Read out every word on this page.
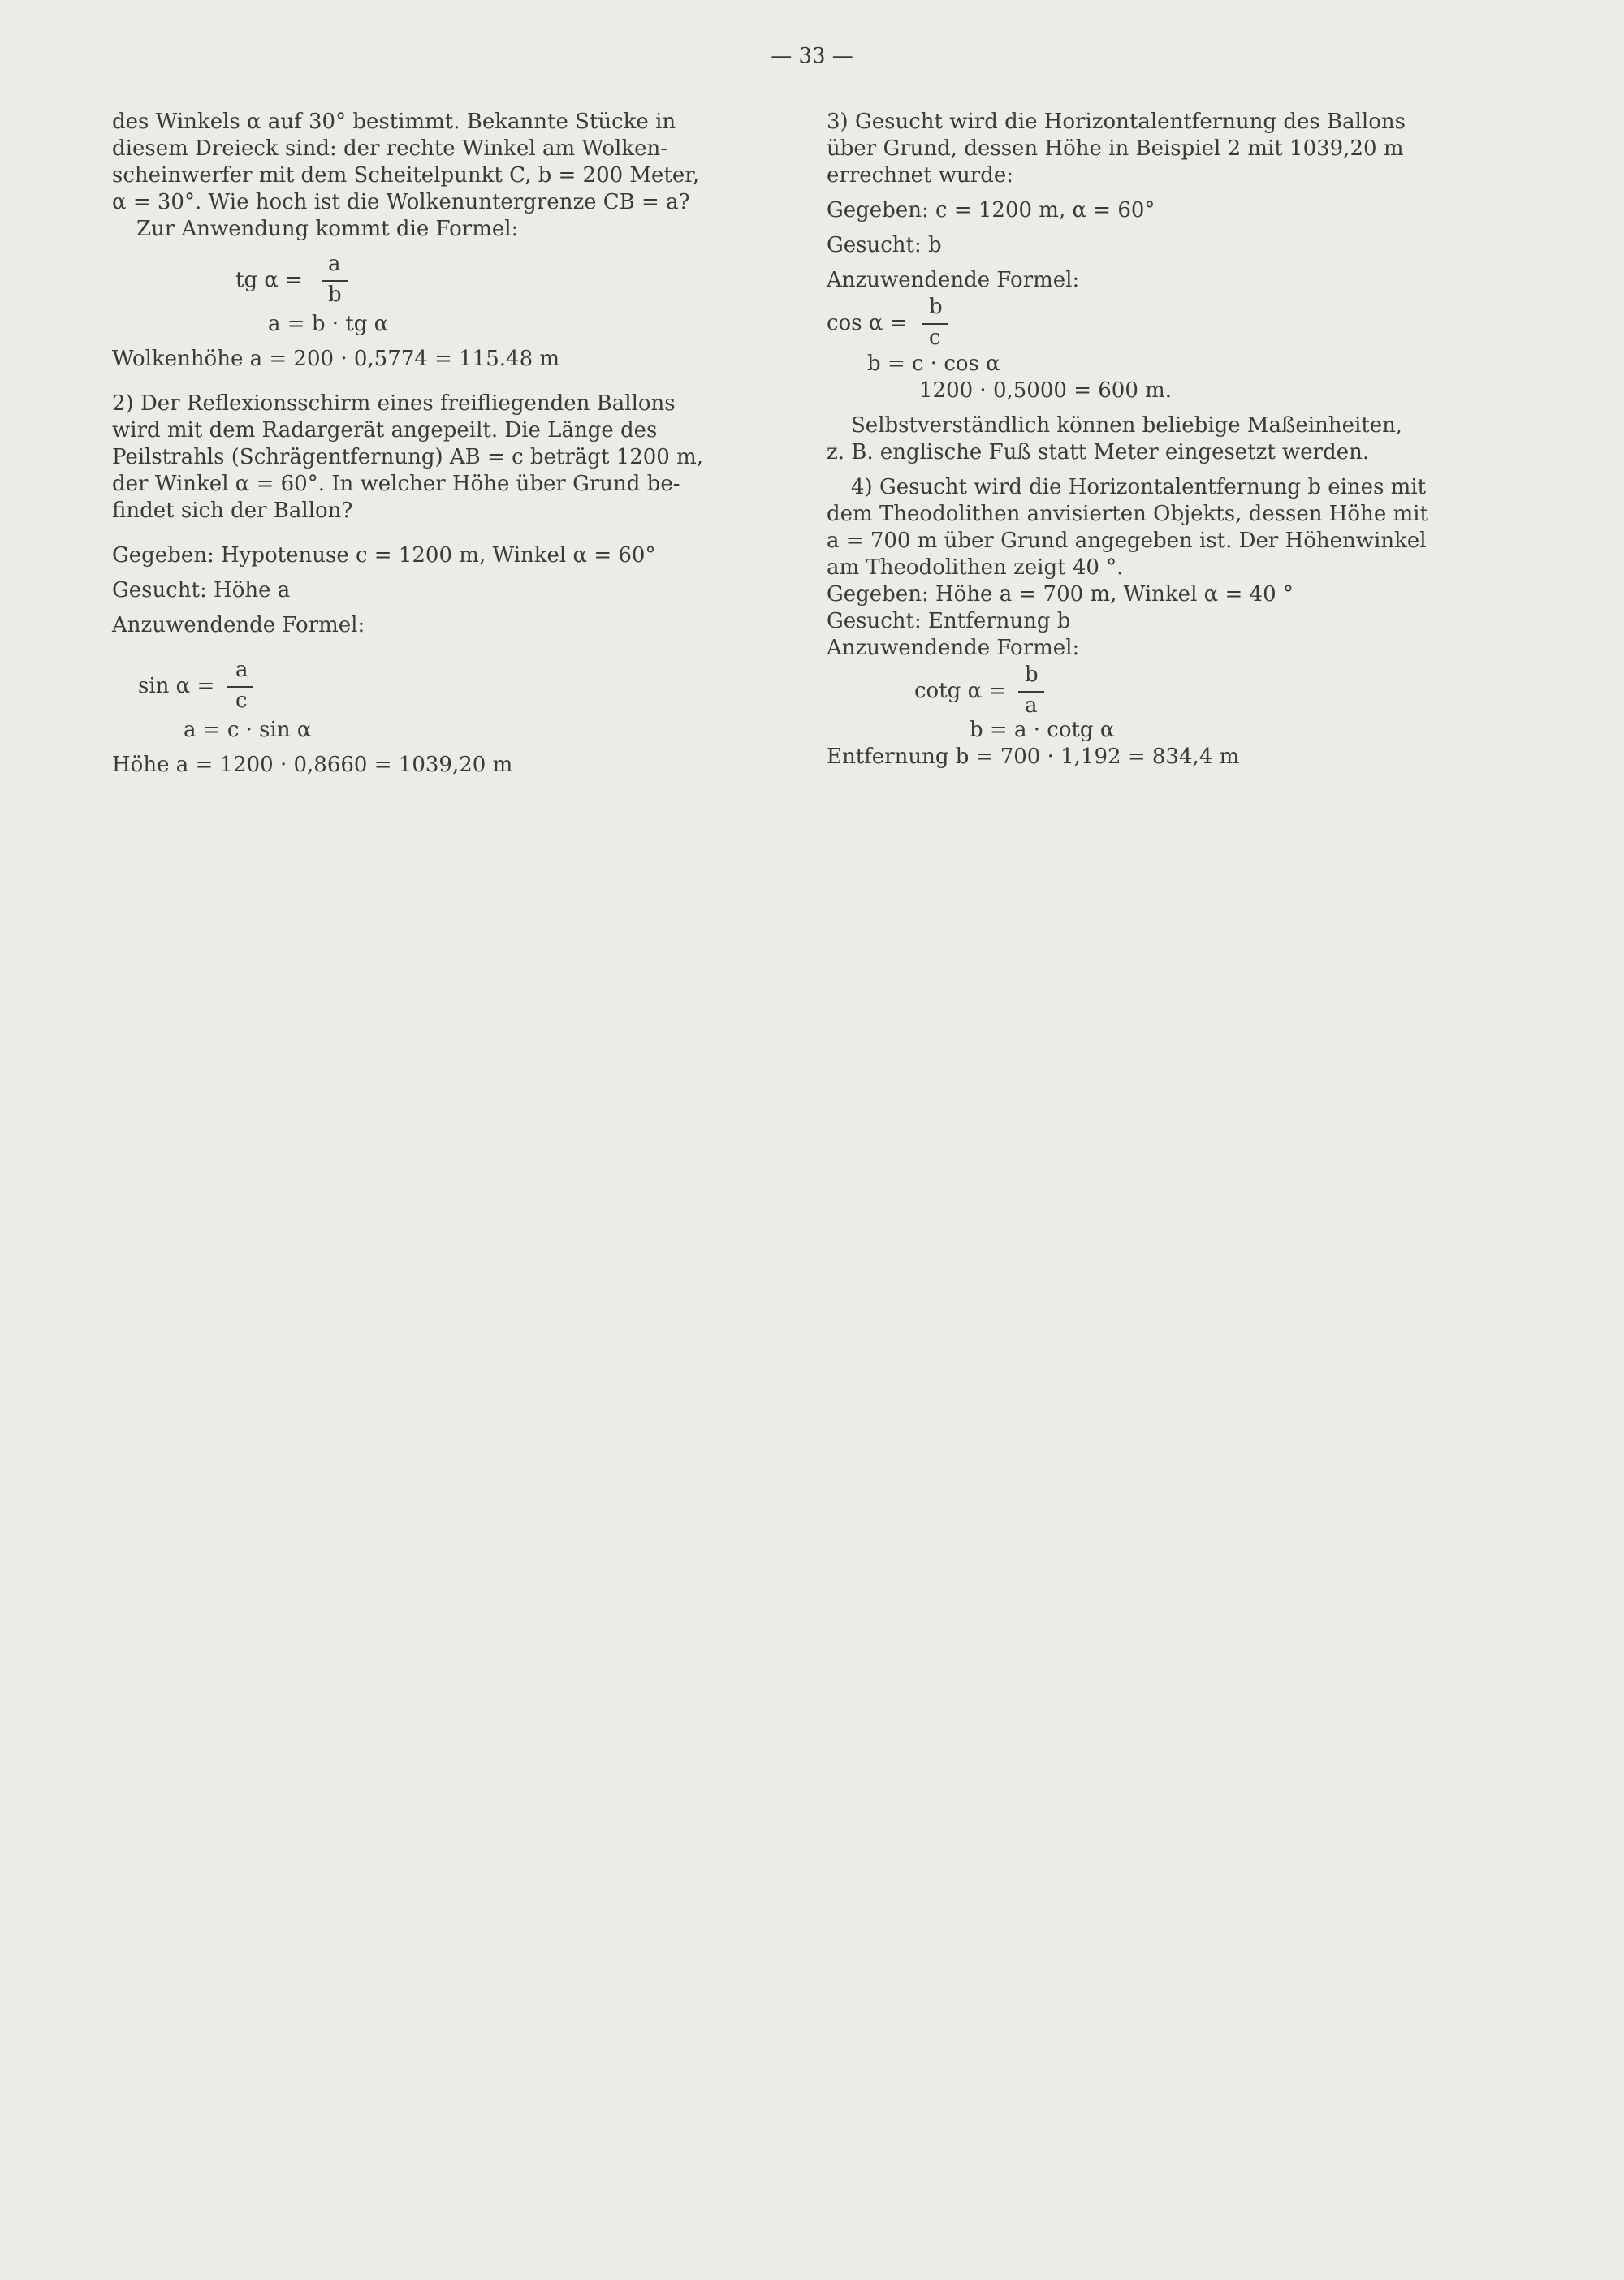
— 33 —

des Winkels α auf 30° bestimmt. Bekannte Stücke in

diesem Dreieck sind: der rechte Winkel am Wolken-

scheinwerfer mit dem Scheitelpunkt C, b = 200 Meter,

α = 30°. Wie hoch ist die Wolkenuntergrenze CB = a?

Zur Anwendung kommt die Formel:

tg α =
a
b

a = b · tg α

Wolkenhöhe a = 200 · 0,5774 = 115.48 m

2) Der Reflexionsschirm eines freifliegenden Ballons

wird mit dem Radargerät angepeilt. Die Länge des

Peilstrahls (Schrägentfernung) AB = c beträgt 1200 m,

der Winkel α = 60°. In welcher Höhe über Grund be-

findet sich der Ballon?

Gegeben: Hypotenuse c = 1200 m, Winkel α = 60°

Gesucht: Höhe a

Anzuwendende Formel:

sin α =
a
c

a = c · sin α

Höhe a = 1200 · 0,8660 = 1039,20 m

3) Gesucht wird die Horizontalentfernung des Ballons

über Grund, dessen Höhe in Beispiel 2 mit 1039,20 m

errechnet wurde:

Gegeben: c = 1200 m, α = 60°

Gesucht: b

Anzuwendende Formel:

cos α =
b
c

b = c · cos α

1200 · 0,5000 = 600 m.

Selbstverständlich können beliebige Maßeinheiten,

z. B. englische Fuß statt Meter eingesetzt werden.

4) Gesucht wird die Horizontalentfernung b eines mit

dem Theodolithen anvisierten Objekts, dessen Höhe mit

a = 700 m über Grund angegeben ist. Der Höhenwinkel

am Theodolithen zeigt 40 °.

Gegeben: Höhe a = 700 m, Winkel α = 40 °

Gesucht: Entfernung b

Anzuwendende Formel:

cotg α =
b
a

b = a · cotg α

Entfernung b = 700 · 1,192 = 834,4 m
